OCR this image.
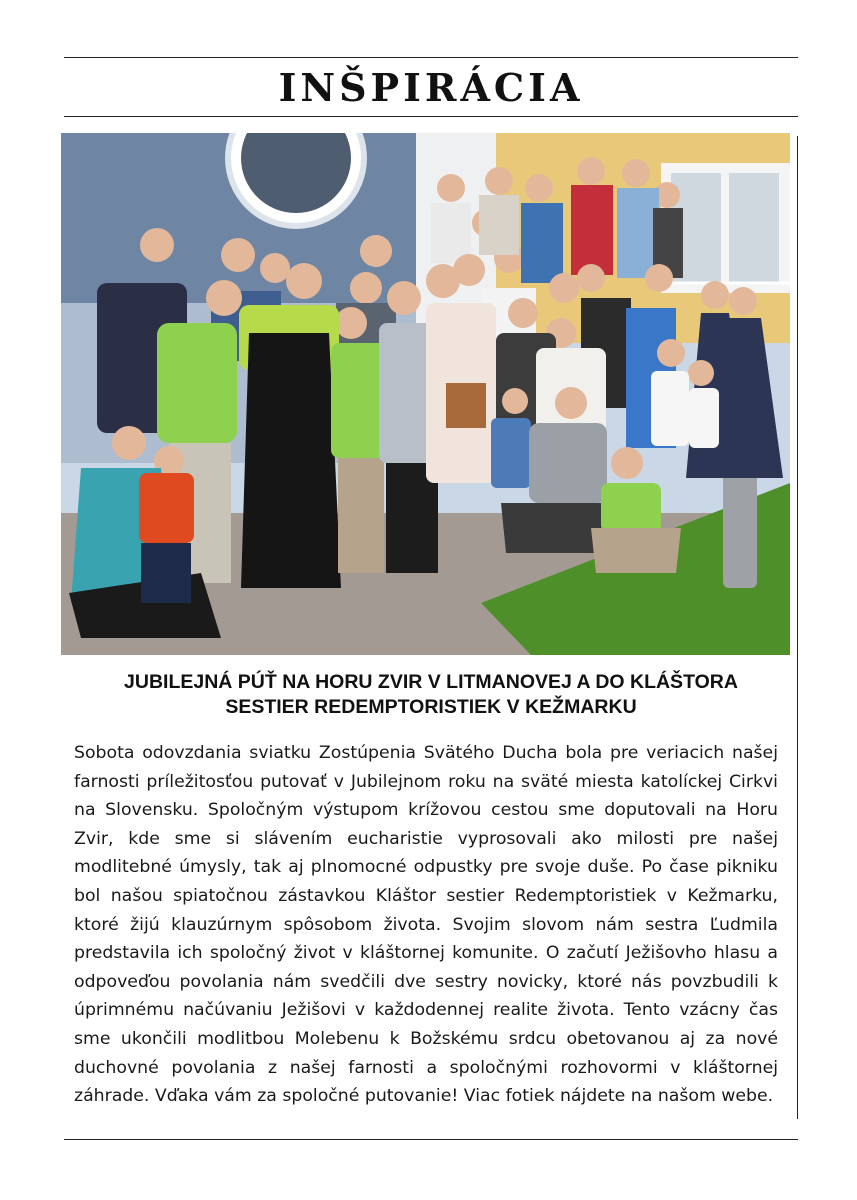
INŠPIRÁCIA
JUBILEJNÁ PÚŤ NA HORU ZVIR V LITMANOVEJ A DO KLÁŠTORA
SESTIER REDEMPTORISTIEK V KEŽMARKU

Sobota odovzdania sviatku Zostúpenia Svätého Ducha bola pre veriacich našej farnosti príležitosťou putovať v Jubilejnom roku na sväté miesta katolíckej Cirkvi na Slovensku. Spoločným výstupom krížovou cestou sme doputovali na Horu Zvir, kde sme si slávením eucharistie vyprosovali ako milosti pre našej modlitebné úmysly, tak aj plnomocné odpustky pre svoje duše. Po čase pikniku bol našou spiatočnou zástavkou Kláštor sestier Redemptoristiek v Kežmarku, ktoré žijú klauzúrnym spôsobom života. Svojim slovom nám sestra Ľudmila predstavila ich spoločný život v kláštornej komunite. O začutí Ježišovho hlasu a odpoveďou povolania nám svedčili dve sestry novicky, ktoré nás povzbudili k úprimnému načúvaniu Ježišovi v každodennej realite života. Tento vzácny čas sme ukončili modlitbou Molebenu k Božskému srdcu obetovanou aj za nové duchovné povolania z našej farnosti a spoločnými rozhovormi v kláštornej záhrade. Vďaka vám za spoločné putovanie! Viac fotiek nájdete na našom webe.
